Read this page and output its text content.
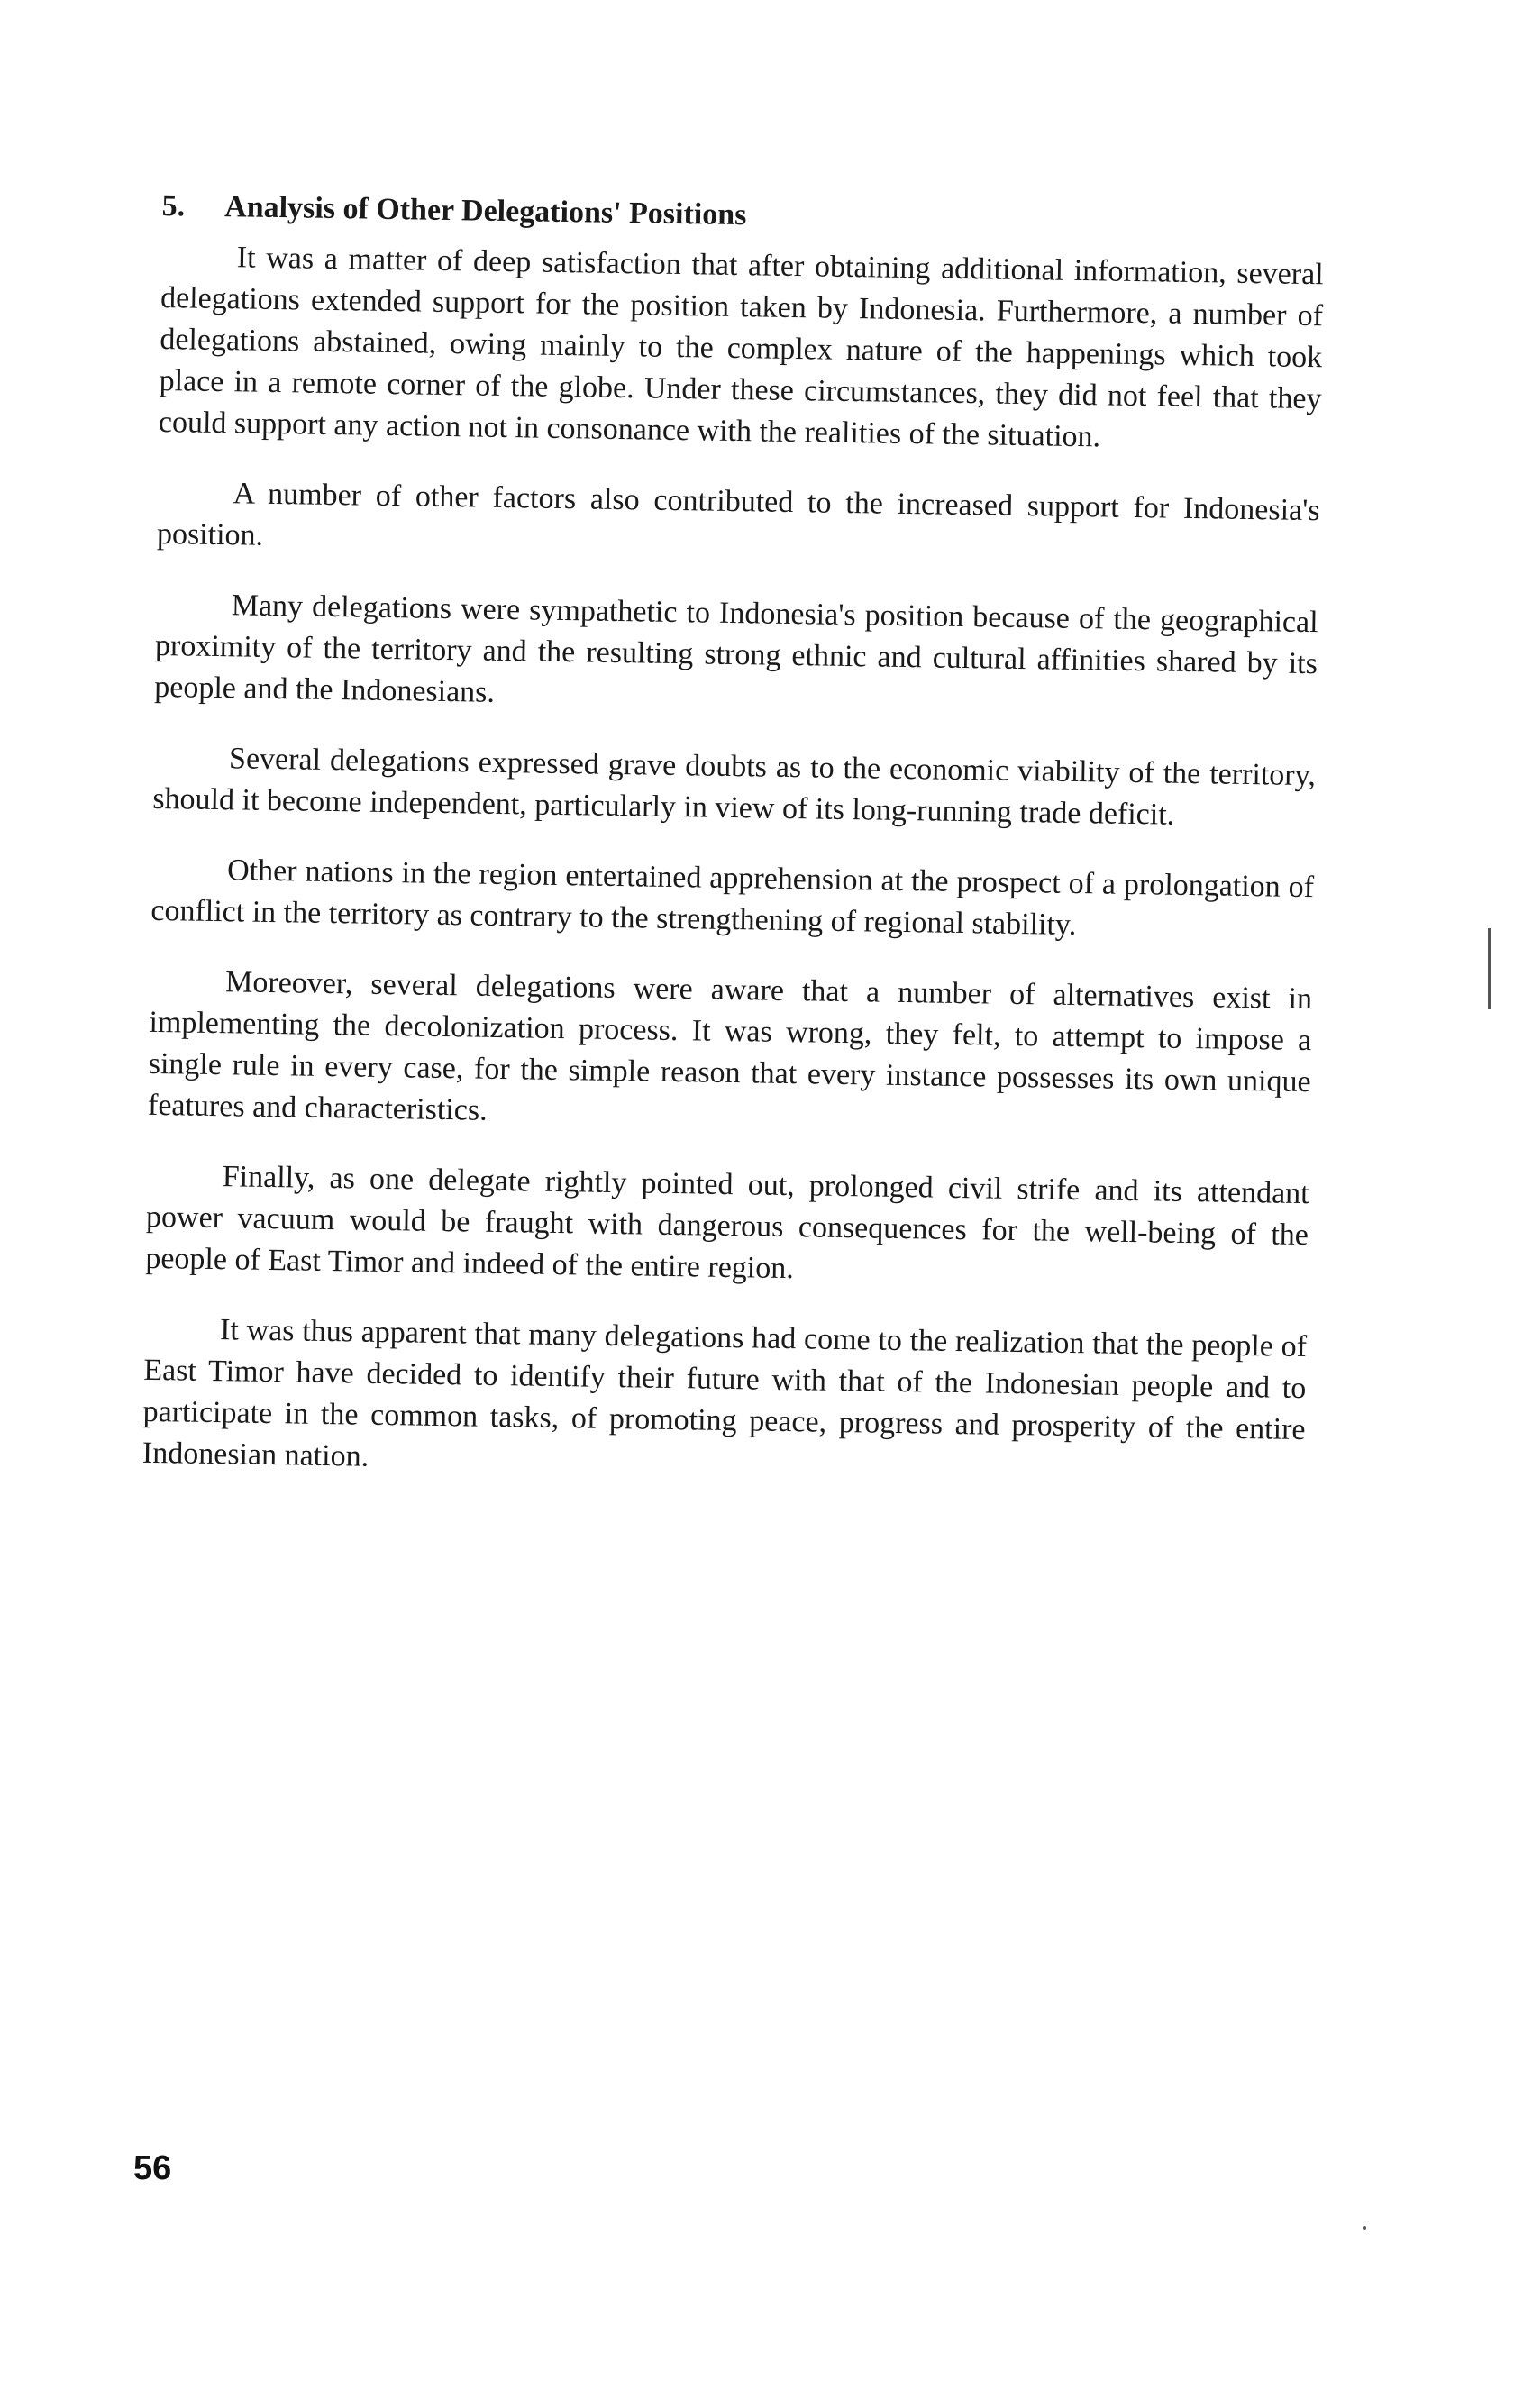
5. Analysis of Other Delegations' Positions

It was a matter of deep satisfaction that after obtaining additional information, several delegations extended support for the position taken by Indonesia. Furthermore, a number of delegations abstained, owing mainly to the complex nature of the happenings which took place in a remote corner of the globe. Under these circumstances, they did not feel that they could support any action not in consonance with the realities of the situation.

A number of other factors also contributed to the increased support for Indonesia's position.

Many delegations were sympathetic to Indonesia's position because of the geographical proximity of the territory and the resulting strong ethnic and cultural affinities shared by its people and the Indonesians.

Several delegations expressed grave doubts as to the economic viability of the territory, should it become independent, particularly in view of its long-running trade deficit.

Other nations in the region entertained apprehension at the prospect of a prolongation of conflict in the territory as contrary to the strengthening of regional stability.

Moreover, several delegations were aware that a number of alternatives exist in implementing the decolonization process. It was wrong, they felt, to attempt to impose a single rule in every case, for the simple reason that every instance possesses its own unique features and characteristics.

Finally, as one delegate rightly pointed out, prolonged civil strife and its attendant power vacuum would be fraught with dangerous consequences for the well-being of the people of East Timor and indeed of the entire region.

It was thus apparent that many delegations had come to the realization that the people of East Timor have decided to identify their future with that of the Indonesian people and to participate in the common tasks, of promoting peace, progress and prosperity of the entire Indonesian nation.

56
